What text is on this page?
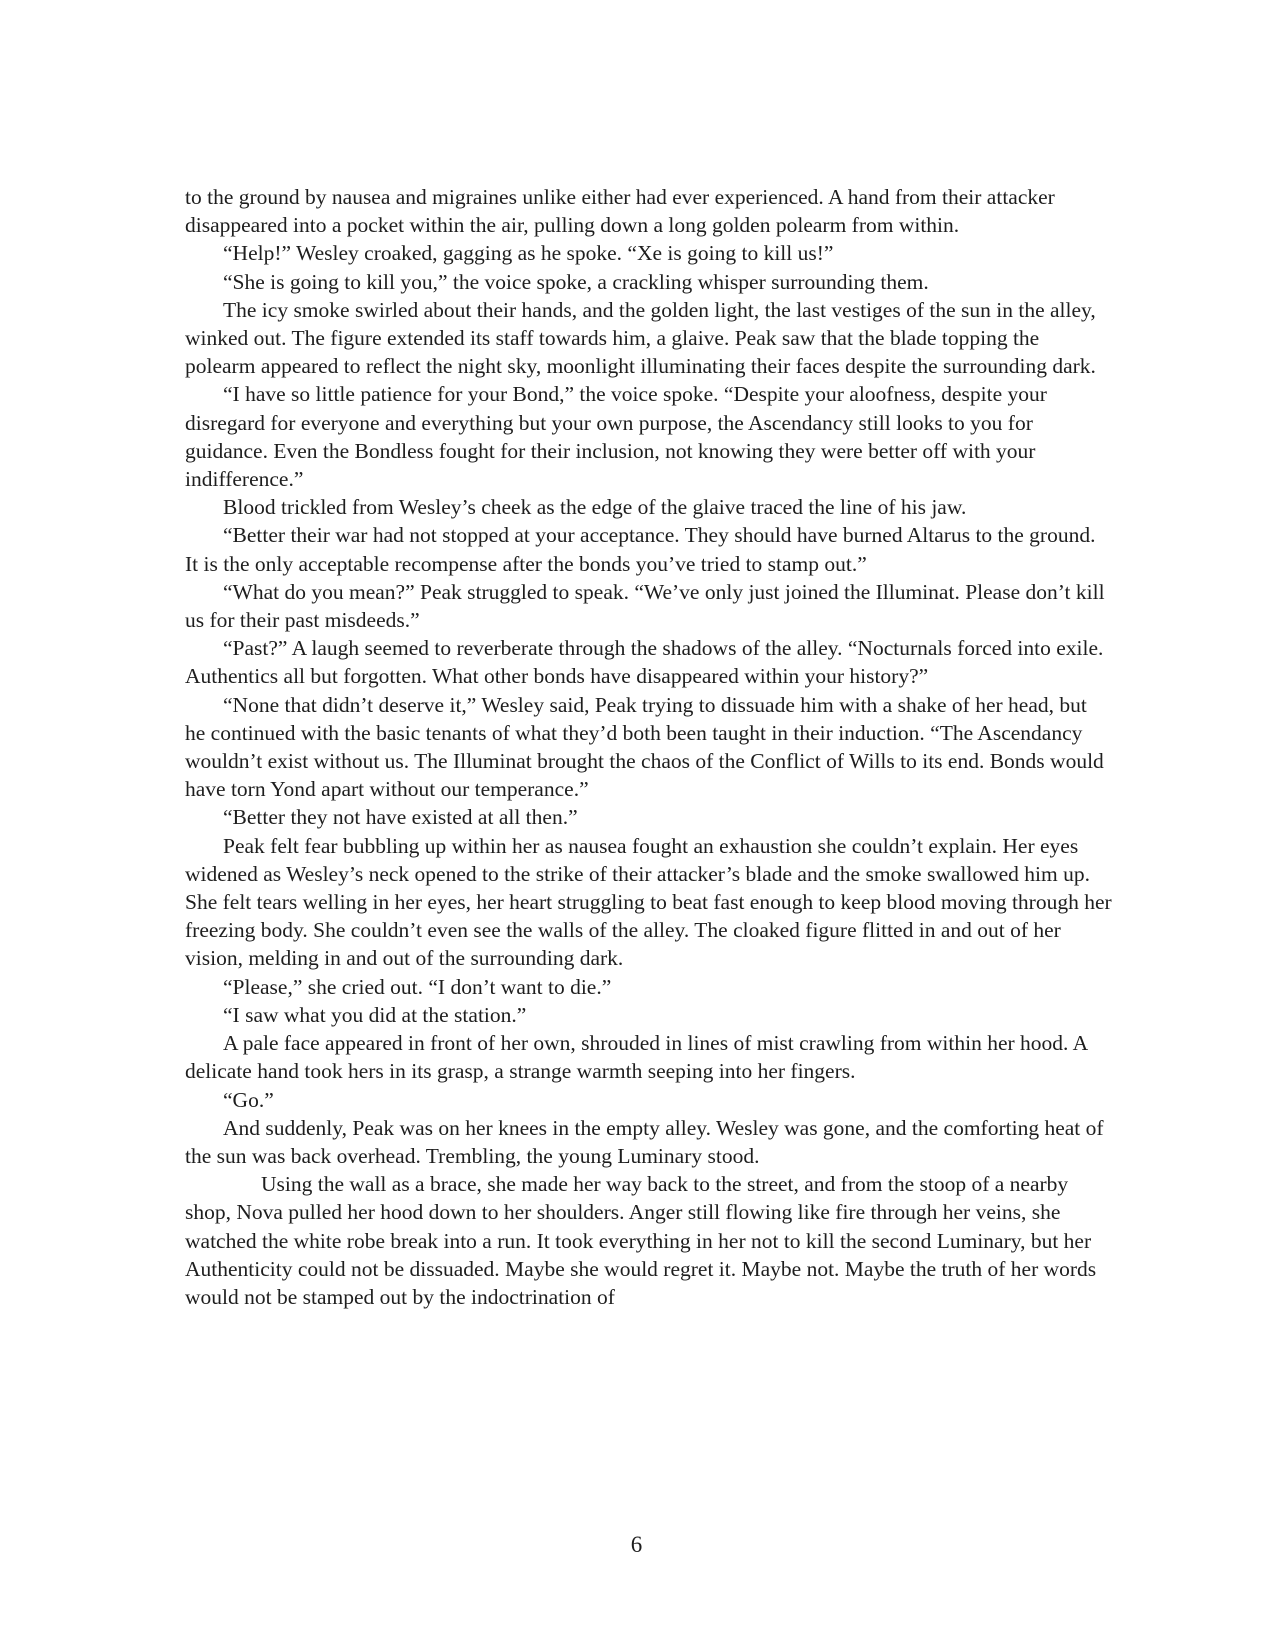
to the ground by nausea and migraines unlike either had ever experienced. A hand from their attacker disappeared into a pocket within the air, pulling down a long golden polearm from within.

“Help!” Wesley croaked, gagging as he spoke. “Xe is going to kill us!”

“She is going to kill you,” the voice spoke, a crackling whisper surrounding them.

The icy smoke swirled about their hands, and the golden light, the last vestiges of the sun in the alley, winked out. The figure extended its staff towards him, a glaive. Peak saw that the blade topping the polearm appeared to reflect the night sky, moonlight illuminating their faces despite the surrounding dark.

“I have so little patience for your Bond,” the voice spoke. “Despite your aloofness, despite your disregard for everyone and everything but your own purpose, the Ascendancy still looks to you for guidance. Even the Bondless fought for their inclusion, not knowing they were better off with your indifference.”

Blood trickled from Wesley’s cheek as the edge of the glaive traced the line of his jaw.

“Better their war had not stopped at your acceptance. They should have burned Altarus to the ground. It is the only acceptable recompense after the bonds you’ve tried to stamp out.”

“What do you mean?” Peak struggled to speak. “We’ve only just joined the Illuminat. Please don’t kill us for their past misdeeds.”

“Past?” A laugh seemed to reverberate through the shadows of the alley. “Nocturnals forced into exile. Authentics all but forgotten. What other bonds have disappeared within your history?”

“None that didn’t deserve it,” Wesley said, Peak trying to dissuade him with a shake of her head, but he continued with the basic tenants of what they’d both been taught in their induction. “The Ascendancy wouldn’t exist without us. The Illuminat brought the chaos of the Conflict of Wills to its end. Bonds would have torn Yond apart without our temperance.”

“Better they not have existed at all then.”

Peak felt fear bubbling up within her as nausea fought an exhaustion she couldn’t explain. Her eyes widened as Wesley’s neck opened to the strike of their attacker’s blade and the smoke swallowed him up. She felt tears welling in her eyes, her heart struggling to beat fast enough to keep blood moving through her freezing body. She couldn’t even see the walls of the alley. The cloaked figure flitted in and out of her vision, melding in and out of the surrounding dark.

“Please,” she cried out. “I don’t want to die.”

“I saw what you did at the station.”

A pale face appeared in front of her own, shrouded in lines of mist crawling from within her hood. A delicate hand took hers in its grasp, a strange warmth seeping into her fingers.

“Go.”

And suddenly, Peak was on her knees in the empty alley. Wesley was gone, and the comforting heat of the sun was back overhead. Trembling, the young Luminary stood.

Using the wall as a brace, she made her way back to the street, and from the stoop of a nearby shop, Nova pulled her hood down to her shoulders. Anger still flowing like fire through her veins, she watched the white robe break into a run. It took everything in her not to kill the second Luminary, but her Authenticity could not be dissuaded. Maybe she would regret it. Maybe not. Maybe the truth of her words would not be stamped out by the indoctrination of

6
